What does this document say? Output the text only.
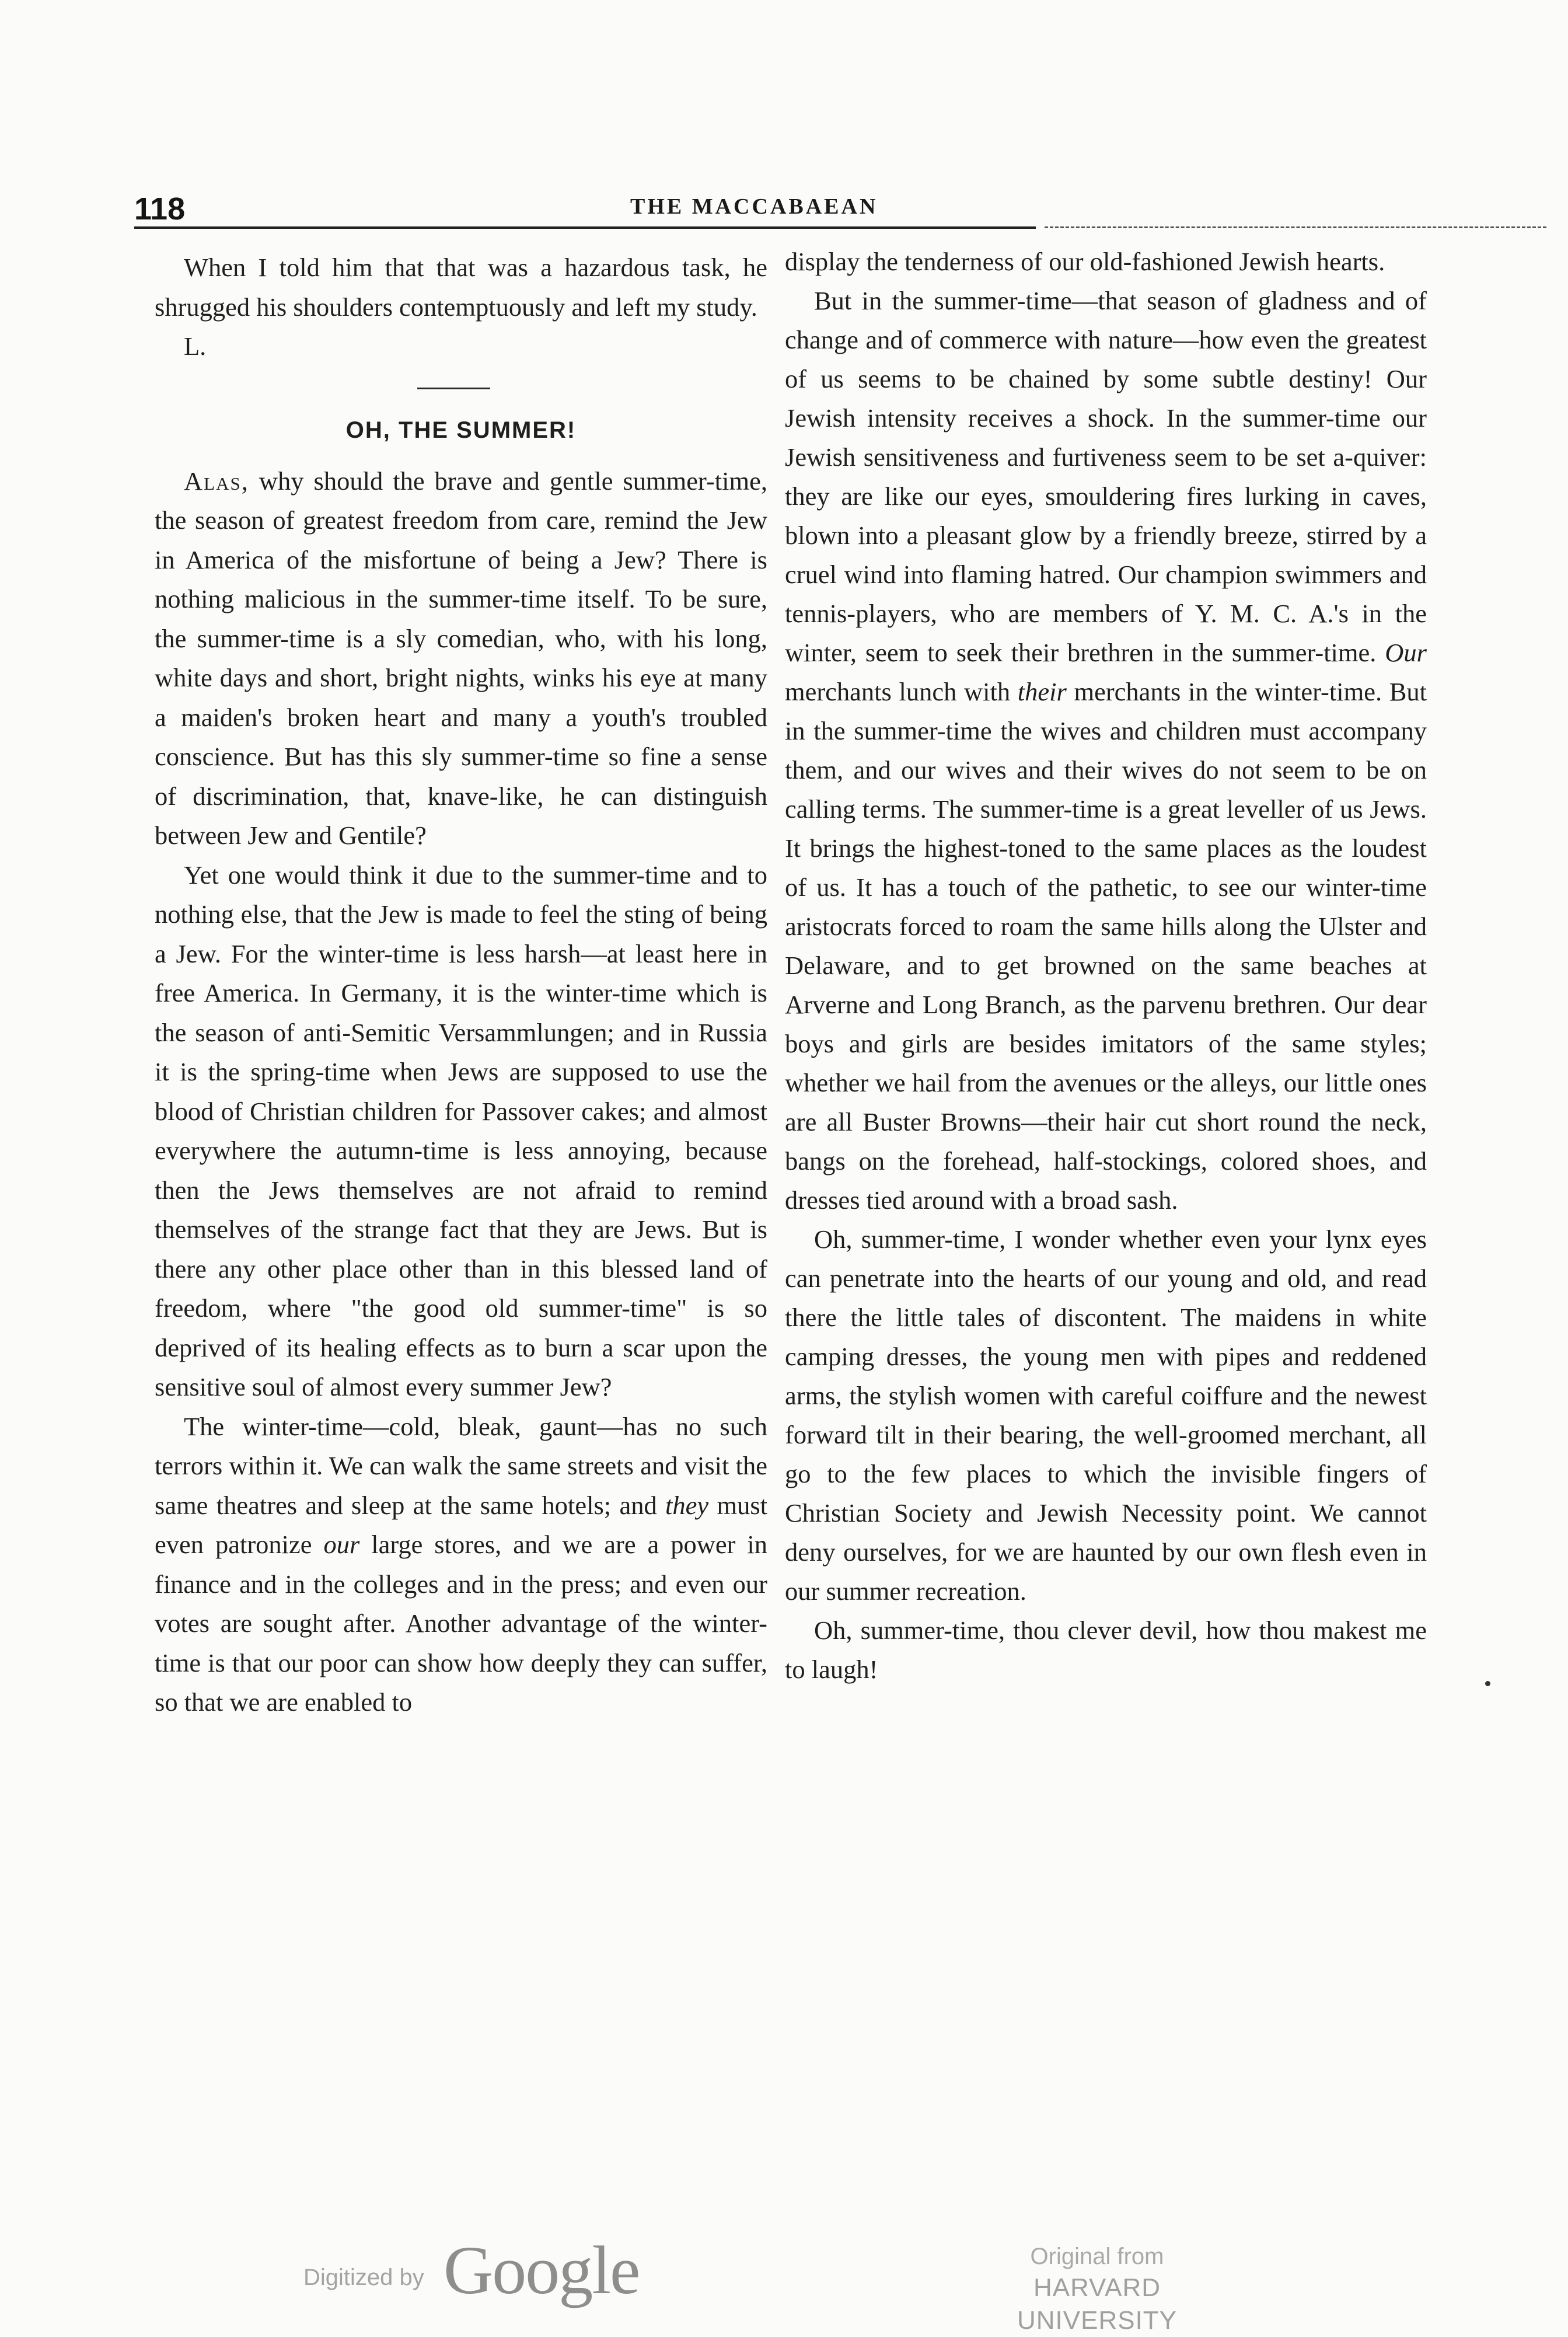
118	THE MACCABAEAN

When I told him that that was a hazardous task, he shrugged his shoulders contemptuously and left my study.

L.

OH, THE SUMMER!

Alas, why should the brave and gentle summer-time, the season of greatest freedom from care, remind the Jew in America of the misfortune of being a Jew? There is nothing malicious in the summer-time itself. To be sure, the summer-time is a sly comedian, who, with his long, white days and short, bright nights, winks his eye at many a maiden's broken heart and many a youth's troubled conscience. But has this sly summer-time so fine a sense of discrimination, that, knave-like, he can distinguish between Jew and Gentile?

Yet one would think it due to the summer-time and to nothing else, that the Jew is made to feel the sting of being a Jew. For the winter-time is less harsh—at least here in free America. In Germany, it is the winter-time which is the season of anti-Semitic Versammlungen; and in Russia it is the spring-time when Jews are supposed to use the blood of Christian children for Passover cakes; and almost everywhere the autumn-time is less annoying, because then the Jews themselves are not afraid to remind themselves of the strange fact that they are Jews. But is there any other place other than in this blessed land of freedom, where "the good old summer-time" is so deprived of its healing effects as to burn a scar upon the sensitive soul of almost every summer Jew?

The winter-time—cold, bleak, gaunt—has no such terrors within it. We can walk the same streets and visit the same theatres and sleep at the same hotels; and they must even patronize our large stores, and we are a power in finance and in the colleges and in the press; and even our votes are sought after. Another advantage of the winter-time is that our poor can show how deeply they can suffer, so that we are enabled to

display the tenderness of our old-fashioned Jewish hearts.

But in the summer-time—that season of gladness and of change and of commerce with nature—how even the greatest of us seems to be chained by some subtle destiny! Our Jewish intensity receives a shock. In the summer-time our Jewish sensitiveness and furtiveness seem to be set a-quiver: they are like our eyes, smouldering fires lurking in caves, blown into a pleasant glow by a friendly breeze, stirred by a cruel wind into flaming hatred. Our champion swimmers and tennis-players, who are members of Y. M. C. A.'s in the winter, seem to seek their brethren in the summer-time. Our merchants lunch with their merchants in the winter-time. But in the summer-time the wives and children must accompany them, and our wives and their wives do not seem to be on calling terms. The summer-time is a great leveller of us Jews. It brings the highest-toned to the same places as the loudest of us. It has a touch of the pathetic, to see our winter-time aristocrats forced to roam the same hills along the Ulster and Delaware, and to get browned on the same beaches at Arverne and Long Branch, as the parvenu brethren. Our dear boys and girls are besides imitators of the same styles; whether we hail from the avenues or the alleys, our little ones are all Buster Browns—their hair cut short round the neck, bangs on the forehead, half-stockings, colored shoes, and dresses tied around with a broad sash.

Oh, summer-time, I wonder whether even your lynx eyes can penetrate into the hearts of our young and old, and read there the little tales of discontent. The maidens in white camping dresses, the young men with pipes and reddened arms, the stylish women with careful coiffure and the newest forward tilt in their bearing, the well-groomed merchant, all go to the few places to which the invisible fingers of Christian Society and Jewish Necessity point. We cannot deny ourselves, for we are haunted by our own flesh even in our summer recreation.

Oh, summer-time, thou clever devil, how thou makest me to laugh!

Digitized by Google	Original from
HARVARD UNIVERSITY
